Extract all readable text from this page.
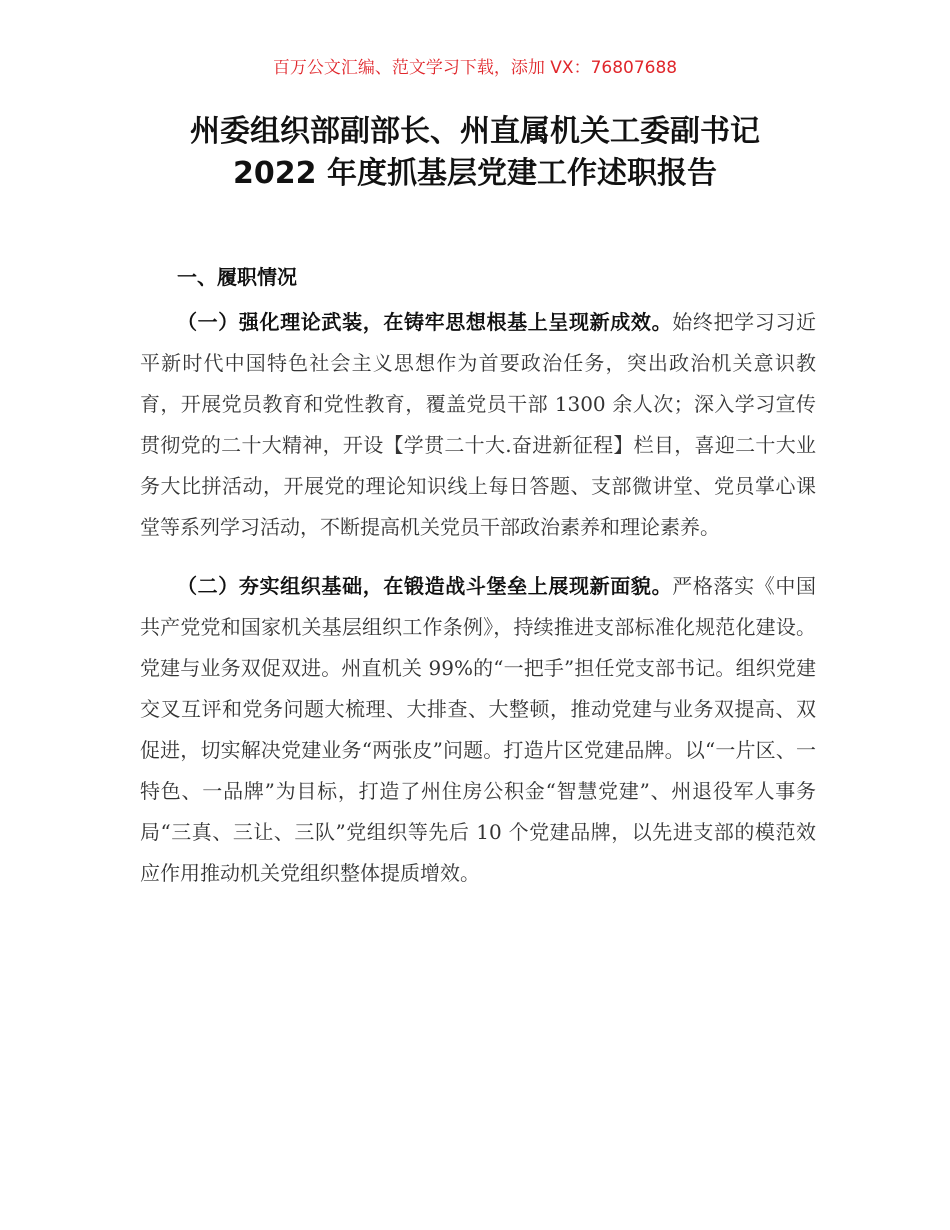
百万公文汇编、范文学习下载，添加 VX：76807688
州委组织部副部长、州直属机关工委副书记
2022 年度抓基层党建工作述职报告
一、履职情况

（一）强化理论武装，在铸牢思想根基上呈现新成效。始终把学习习近平新时代中国特色社会主义思想作为首要政治任务，突出政治机关意识教育，开展党员教育和党性教育，覆盖党员干部 1300 余人次；深入学习宣传贯彻党的二十大精神，开设【学贯二十大.奋进新征程】栏目，喜迎二十大业务大比拼活动，开展党的理论知识线上每日答题、支部微讲堂、党员掌心课堂等系列学习活动，不断提高机关党员干部政治素养和理论素养。

（二）夯实组织基础，在锻造战斗堡垒上展现新面貌。严格落实《中国共产党党和国家机关基层组织工作条例》，持续推进支部标准化规范化建设。党建与业务双促双进。州直机关 99%的“一把手”担任党支部书记。组织党建交叉互评和党务问题大梳理、大排查、大整顿，推动党建与业务双提高、双促进，切实解决党建业务“两张皮”问题。打造片区党建品牌。以“一片区、一特色、一品牌”为目标，打造了州住房公积金“智慧党建”、州退役军人事务局“三真、三让、三队”党组织等先后 10 个党建品牌，以先进支部的模范效应作用推动机关党组织整体提质增效。
